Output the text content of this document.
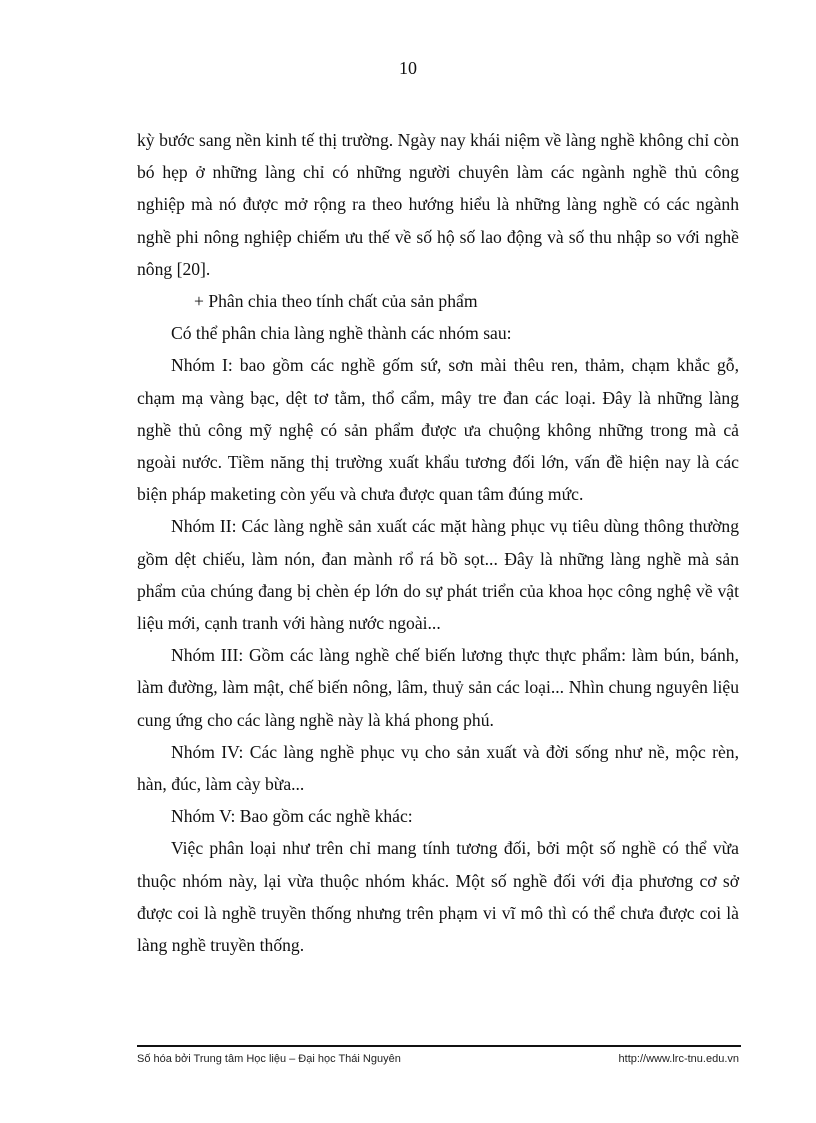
10

kỳ bước sang nền kinh tế thị trường. Ngày nay khái niệm về làng nghề không chỉ còn bó hẹp ở những làng chỉ có những người chuyên làm các ngành nghề thủ công nghiệp mà nó được mở rộng ra theo hướng hiểu là những làng nghề có các ngành nghề phi nông nghiệp chiếm ưu thế về số hộ số lao động và số thu nhập so với nghề nông [20].

+ Phân chia theo tính chất của sản phẩm

Có thể phân chia làng nghề thành các nhóm sau:

Nhóm I: bao gồm các nghề gốm sứ, sơn mài thêu ren, thảm, chạm khắc gỗ, chạm mạ vàng bạc, dệt tơ tằm, thổ cẩm, mây tre đan các loại. Đây là những làng nghề thủ công mỹ nghệ có sản phẩm được ưa chuộng không những trong mà cả ngoài nước. Tiềm năng thị trường xuất khẩu tương đối lớn, vấn đề hiện nay là các biện pháp maketing còn yếu và chưa được quan tâm đúng mức.

Nhóm II: Các làng nghề sản xuất các mặt hàng phục vụ tiêu dùng thông thường gồm dệt chiếu, làm nón, đan mành rổ rá bồ sọt... Đây là những làng nghề mà sản phẩm của chúng đang bị chèn ép lớn do sự phát triển của khoa học công nghệ về vật liệu mới, cạnh tranh với hàng nước ngoài...

Nhóm III: Gồm các làng nghề chế biến lương thực thực phẩm: làm bún, bánh, làm đường, làm mật, chế biến nông, lâm, thuỷ sản các loại... Nhìn chung nguyên liệu cung ứng cho các làng nghề này là khá phong phú.

Nhóm IV: Các làng nghề phục vụ cho sản xuất và đời sống như nề, mộc rèn, hàn, đúc, làm cày bừa...

Nhóm V: Bao gồm các nghề khác:

Việc phân loại như trên chỉ mang tính tương đối, bởi một số nghề có thể vừa thuộc nhóm này, lại vừa thuộc nhóm khác. Một số nghề đối với địa phương cơ sở được coi là nghề truyền thống nhưng trên phạm vi vĩ mô thì có thể chưa được coi là làng nghề truyền thống.

Số hóa bởi Trung tâm Học liệu – Đại học Thái Nguyên	http://www.lrc-tnu.edu.vn
